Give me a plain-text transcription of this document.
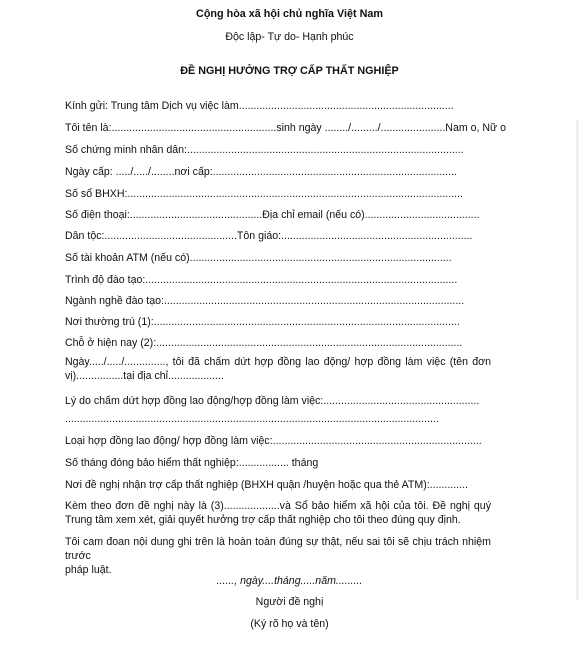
Cộng hòa xã hội chủ nghĩa Việt Nam
Độc lập- Tự do- Hạnh phúc
ĐỀ NGHỊ HƯỞNG TRỢ CẤP THẤT NGHIỆP
Kính gửi: Trung tâm Dịch vụ việc làm.........................................................................
Tôi tên là:........................................................sinh ngày ......../........./......................Nam o, Nữ o
Số chứng minh nhân dân:..............................................................................................
Ngày cấp: ...../...../........nơi cấp:...................................................................................
Số sổ BHXH:..................................................................................................................
Số điện thoại:.............................................Địa chỉ email (nếu có).......................................
Dân tộc:.............................................Tôn giáo:.................................................................
Số tài khoản ATM (nếu có).........................................................................................
Trình độ đào tạo:..........................................................................................................
Ngành nghề đào tạo:......................................................................................................
Nơi thường trú (1):........................................................................................................
Chỗ ở hiện nay (2):........................................................................................................
Ngày...../...../.............., tôi đã chấm dứt hợp đồng lao động/ hợp đồng làm việc (tên đơn
vị)................tại địa chỉ...................
Lý do chấm dứt hợp đồng lao động/hợp đồng làm việc:.....................................................
...............................................................................................................................
Loại hợp đồng lao động/ hợp đồng làm việc:.......................................................................
Số tháng đóng bảo hiểm thất nghiệp:................. tháng
Nơi đề nghị nhận trợ cấp thất nghiệp (BHXH quận /huyện hoặc qua thẻ ATM):.............
Kèm theo đơn đề nghị này là (3)...................và Sổ bảo hiểm xã hội của tôi. Đề nghị quý
Trung tâm xem xét, giải quyết hưởng trợ cấp thất nghiệp cho tôi theo đúng quy định.
Tôi cam đoan nội dung ghi trên là hoàn toàn đúng sự thật, nếu sai tôi sẽ chịu trách nhiệm trước
pháp luật.
......, ngày....tháng.....năm.........
Người đề nghị
(Ký rõ họ và tên)
